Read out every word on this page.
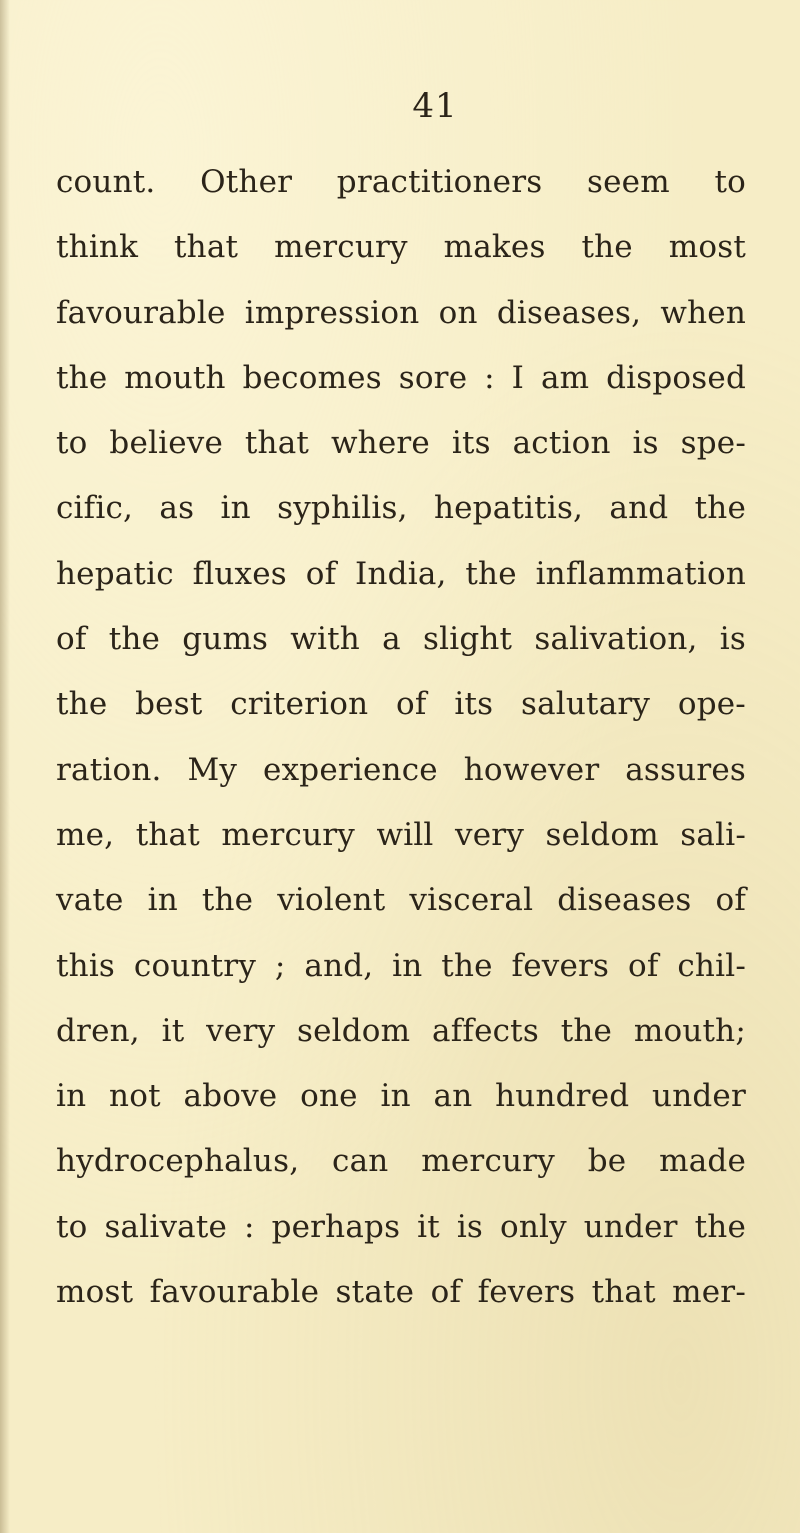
41
count. Other practitioners seem to
think that mercury makes the most
favourable impression on diseases, when
the mouth becomes sore : I am disposed
to believe that where its action is spe-
cific, as in syphilis, hepatitis, and the
hepatic fluxes of India, the inflammation
of the gums with a slight salivation, is
the best criterion of its salutary ope-
ration. My experience however assures
me, that mercury will very seldom sali-
vate in the violent visceral diseases of
this country ; and, in the fevers of chil-
dren, it very seldom affects the mouth;
in not above one in an hundred under
hydrocephalus, can mercury be made
to salivate : perhaps it is only under the
most favourable state of fevers that mer-
